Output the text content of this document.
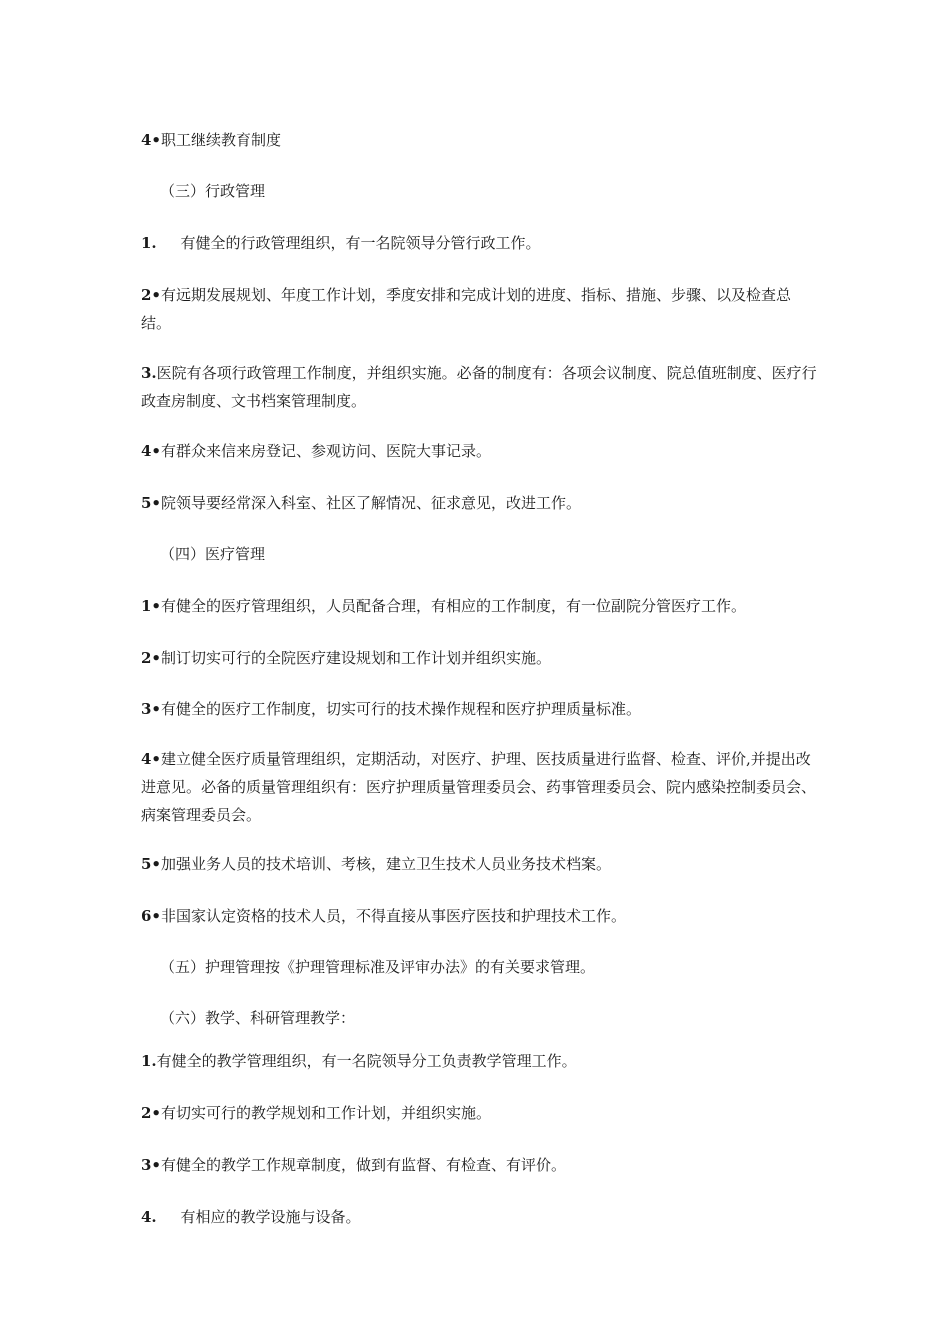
4•职工继续教育制度

（三）行政管理

1.     有健全的行政管理组织，有一名院领导分管行政工作。

2•有远期发展规划、年度工作计划，季度安排和完成计划的进度、指标、措施、步骤、以及检查总结。

3.医院有各项行政管理工作制度，并组织实施。必备的制度有：各项会议制度、院总值班制度、医疗行政查房制度、文书档案管理制度。

4•有群众来信来房登记、参观访问、医院大事记录。

5•院领导要经常深入科室、社区了解情况、征求意见，改进工作。

（四）医疗管理

1•有健全的医疗管理组织，人员配备合理，有相应的工作制度，有一位副院分管医疗工作。

2•制订切实可行的全院医疗建设规划和工作计划并组织实施。

3•有健全的医疗工作制度，切实可行的技术操作规程和医疗护理质量标准。

4•建立健全医疗质量管理组织，定期活动，对医疗、护理、医技质量进行监督、检查、评价,并提出改进意见。必备的质量管理组织有：医疗护理质量管理委员会、药事管理委员会、院内感染控制委员会、病案管理委员会。

5•加强业务人员的技术培训、考核，建立卫生技术人员业务技术档案。

6•非国家认定资格的技术人员，不得直接从事医疗医技和护理技术工作。

（五）护理管理按《护理管理标准及评审办法》的有关要求管理。

（六）教学、科研管理教学：

1.有健全的教学管理组织，有一名院领导分工负责教学管理工作。

2•有切实可行的教学规划和工作计划，并组织实施。

3•有健全的教学工作规章制度，做到有监督、有检查、有评价。

4.     有相应的教学设施与设备。
